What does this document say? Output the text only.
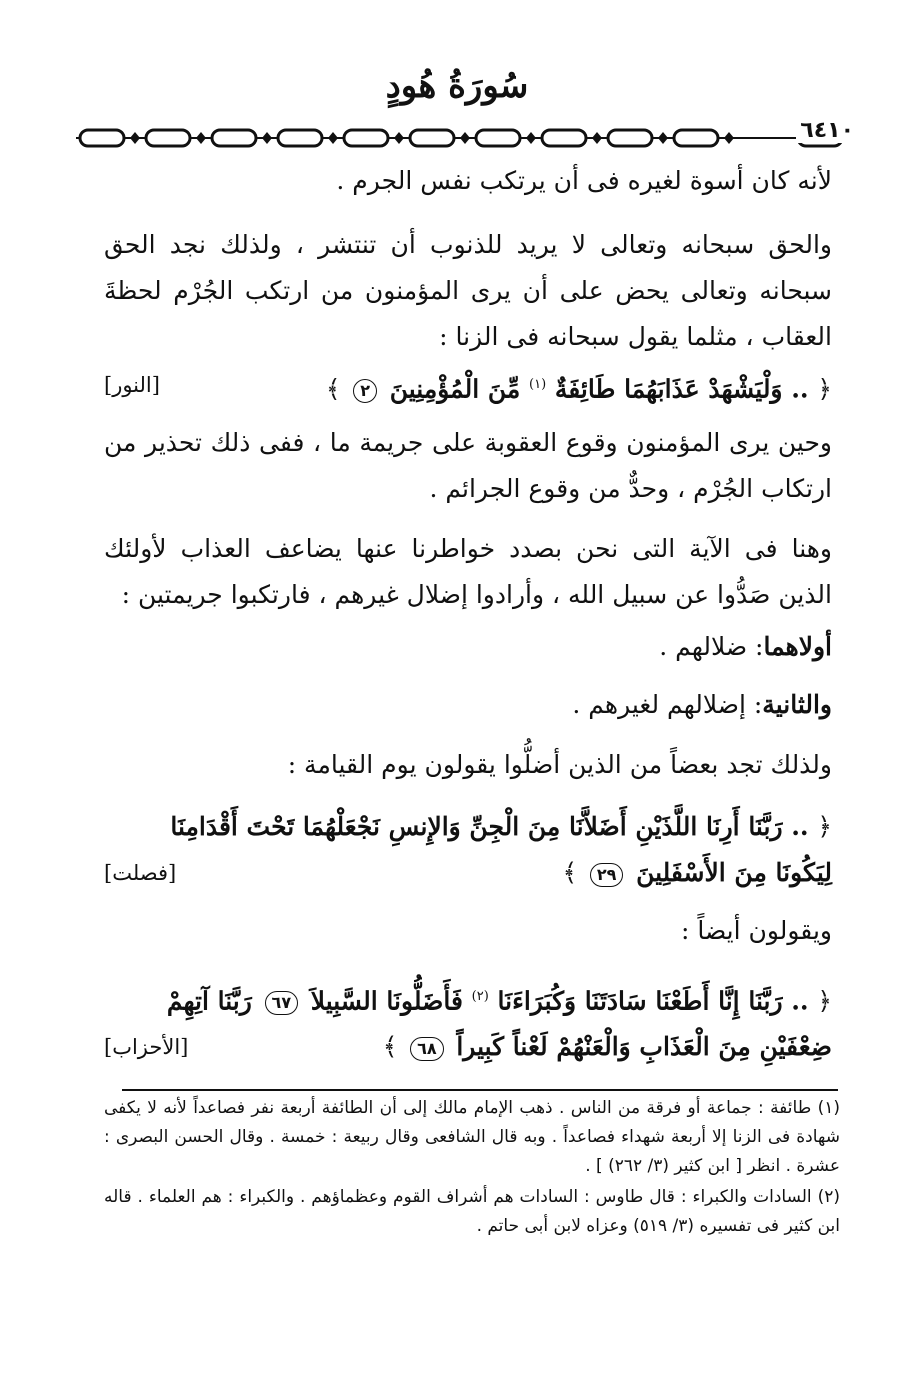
سُورَةُ هُودٍ
٦٤١٠
لأنه كان أسوة لغيره فى أن يرتكب نفس الجرم .
والحق سبحانه وتعالى لا يريد للذنوب أن تنتشر ، ولذلك نجد الحق سبحانه وتعالى يحض على أن يرى المؤمنون من ارتكب الجُرْم لحظةَ العقاب ، مثلما يقول سبحانه فى الزنا :
﴿ .. وَلْيَشْهَدْ عَذَابَهُمَا طَائِفَةٌ $^{(١)}$ مِّنَ الْمُؤْمِنِينَ ٢ ﴾
[النور]
وحين يرى المؤمنون وقوع العقوبة على جريمة ما ، ففى ذلك تحذير من ارتكاب الجُرْم ، وحدٌّ من وقوع الجرائم .
وهنا فى الآية التى نحن بصدد خواطرنا عنها يضاعف العذاب لأولئك الذين صَدُّوا عن سبيل الله ، وأرادوا إضلال غيرهم ، فارتكبوا جريمتين :
أولاهما: ضلالهم .
والثانية: إضلالهم لغيرهم .
ولذلك تجد بعضاً من الذين أضلُّوا يقولون يوم القيامة :
﴿ .. رَبَّنَا أَرِنَا اللَّذَيْنِ أَضَلاَّنَا مِنَ الْجِنِّ وَالإِنسِ نَجْعَلْهُمَا تَحْتَ أَقْدَامِنَا
لِيَكُونَا مِنَ الأَسْفَلِينَ ٢٩ ﴾
[فصلت]
ويقولون أيضاً :
﴿ .. رَبَّنَا إِنَّا أَطَعْنَا سَادَتَنَا وَكُبَرَاءَنَا $^{(٢)}$ فَأَضَلُّونَا السَّبِيلاَ ٦٧ رَبَّنَا آتِهِمْ
ضِعْفَيْنِ مِنَ الْعَذَابِ وَالْعَنْهُمْ لَعْناً كَبِيراً ٦٨ ﴾
[الأحزاب]
(١) طائفة : جماعة أو فرقة من الناس . ذهب الإمام مالك إلى أن الطائفة أربعة نفر فصاعداً لأنه لا يكفى شهادة فى الزنا إلا أربعة شهداء فصاعداً . وبه قال الشافعى وقال ربيعة : خمسة . وقال الحسن البصرى : عشرة . انظر [ ابن كثير (٣/ ٢٦٢) ] .
(٢) السادات والكبراء : قال طاوس : السادات هم أشراف القوم وعظماؤهم . والكبراء : هم العلماء . قاله ابن كثير فى تفسيره (٣/ ٥١٩) وعزاه لابن أبى حاتم .
